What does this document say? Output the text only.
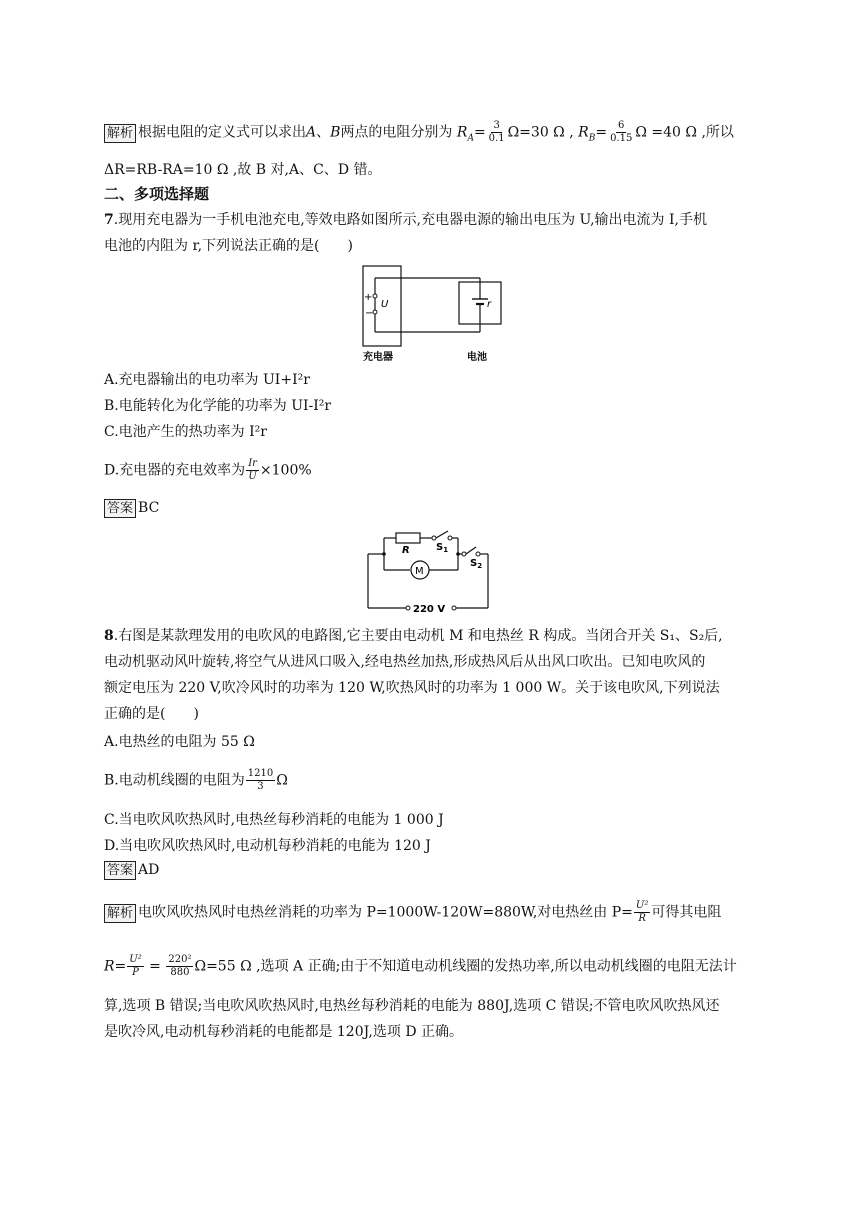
解析 根据电阻的定义式可以求出A、B两点的电阻分别为 $R_A= \frac{3}{0.1} \Omega=30$ Ω , $R_B= \frac{6}{0.15}$ Ω =40 Ω ,所以
ΔR=RB-RA=10 Ω ,故 B 对,A、C、D 错。
二、多项选择题
7.现用充电器为一手机电池充电,等效电路如图所示,充电器电源的输出电压为 U,输出电流为 I,手机
电池的内阻为 r,下列说法正确的是(　　)
+
−
U	r
充电器	电池
A.充电器输出的电功率为 UI+I²r
B.电能转化为化学能的功率为 UI-I²r
C.电池产生的热功率为 I²r
D.充电器的充电效率为 $\frac{Ir}{U} \times 100\%$
答案 BC
M
220 V
R	$S_1$
$S_2$
8.右图是某款理发用的电吹风的电路图,它主要由电动机 M 和电热丝 R 构成。当闭合开关 S₁、S₂后,
电动机驱动风叶旋转,将空气从进风口吸入,经电热丝加热,形成热风后从出风口吹出。已知电吹风的
额定电压为 220 V,吹冷风时的功率为 120 W,吹热风时的功率为 1 000 W。关于该电吹风,下列说法
正确的是(　　)
A.电热丝的电阻为 55 Ω
B.电动机线圈的电阻为 $\frac{1210}{3}$ Ω
C.当电吹风吹热风时,电热丝每秒消耗的电能为 1 000 J
D.当电吹风吹热风时,电动机每秒消耗的电能为 120 J
答案 AD
解析 电吹风吹热风时电热丝消耗的功率为 P=1000W-120W=880W,对电热丝由 $P= \frac{\text{U²}}{R}$ 可得其电阻
$R= \frac{\text{U²}}{P} = \frac{\text{220²}}{880} \Omega=55$ Ω ,选项 A 正确;由于不知道电动机线圈的发热功率,所以电动机线圈的电阻无法计
算,选项 B 错误;当电吹风吹热风时,电热丝每秒消耗的电能为 880J,选项 C 错误;不管电吹风吹热风还
是吹冷风,电动机每秒消耗的电能都是 120J,选项 D 正确。
